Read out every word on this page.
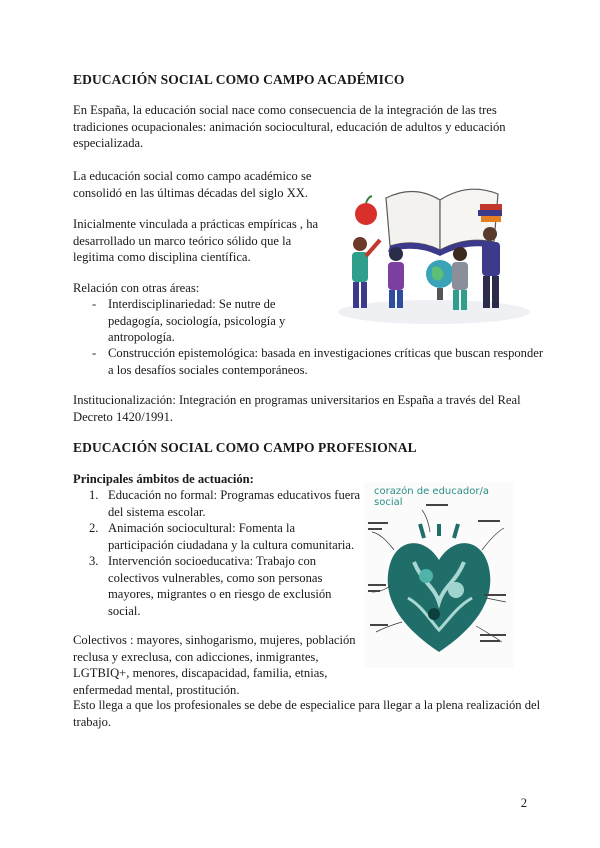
EDUCACIÓN SOCIAL COMO CAMPO ACADÉMICO
En España, la educación social nace como consecuencia de la integración de las tres
tradiciones ocupacionales: animación sociocultural, educación de adultos y educación
especializada.
La educación social como campo académico se
consolidó en las últimas décadas del siglo XX.
Inicialmente vinculada a prácticas empíricas , ha
desarrollado un marco teórico sólido que la
legitima como disciplina científica.
Relación con otras áreas:
- Interdisciplinariedad: Se nutre de
pedagogía, sociología, psicología y
antropología.
- Construcción epistemológica: basada en investigaciones críticas que buscan responder
a los desafíos sociales contemporáneos.
Institucionalización: Integración en programas universitarios en España a través del Real
Decreto 1420/1991.
EDUCACIÓN SOCIAL COMO CAMPO PROFESIONAL
Principales ámbitos de actuación:
1. Educación no formal: Programas educativos fuera
del sistema escolar.
2. Animación sociocultural: Fomenta la
participación ciudadana y la cultura comunitaria.
3. Intervención socioeducativa: Trabajo con
colectivos vulnerables, como son personas
mayores, migrantes o en riesgo de exclusión
social.
Colectivos : mayores, sinhogarismo, mujeres, población
reclusa y exreclusa, con adicciones, inmigrantes,
LGTBIQ+, menores, discapacidad, familia, etnias,
enfermedad mental, prostitución.
Esto llega a que los profesionales se debe de especialice para llegar a la plena realización del
trabajo.
corazón de educador/a social
2
